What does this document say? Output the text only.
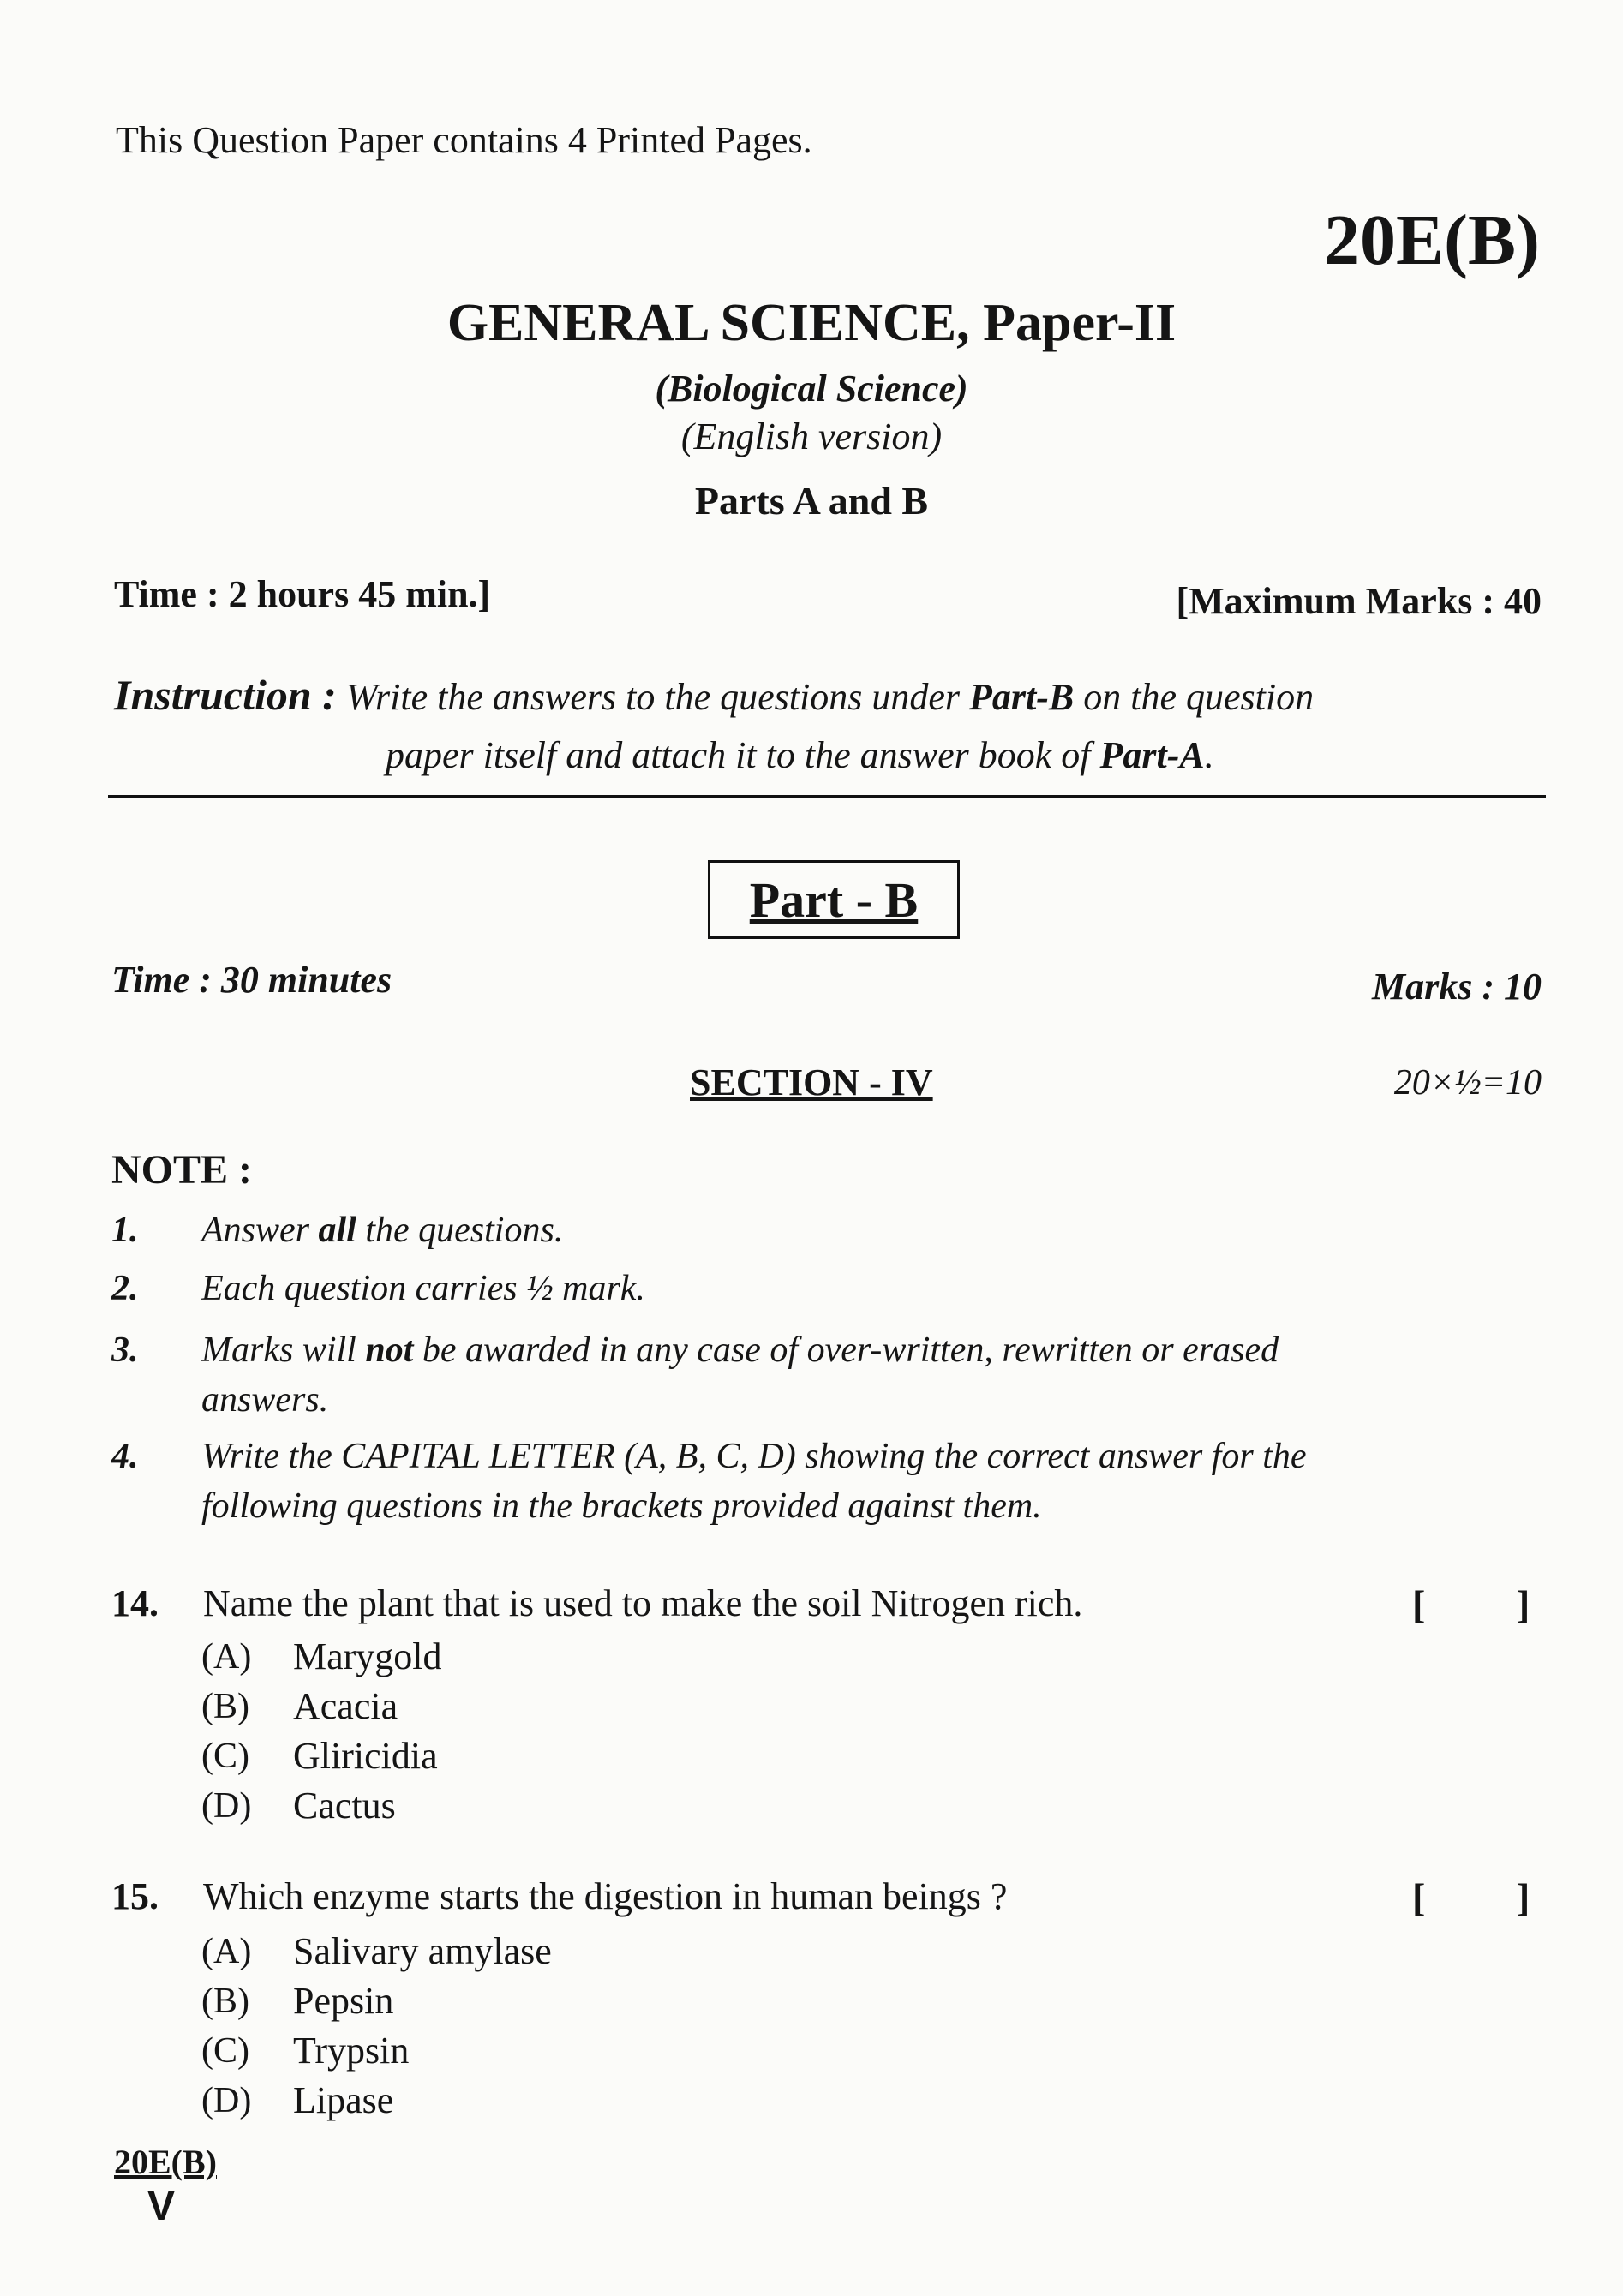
This Question Paper contains 4 Printed Pages.
20E(B)
GENERAL SCIENCE, Paper-II
(Biological Science)
(English version)
Parts A and B
Time : 2 hours 45 min.]	[Maximum Marks : 40
Instruction : Write the answers to the questions under Part-B on the question
paper itself and attach it to the answer book of Part-A.
Part - B
Time : 30 minutes	Marks : 10
SECTION - IV	20×½=10
NOTE :
1. Answer all the questions.
2. Each question carries ½ mark.
3. Marks will not be awarded in any case of over-written, rewritten or erased
answers.
4. Write the CAPITAL LETTER (A, B, C, D) showing the correct answer for the
following questions in the brackets provided against them.
14. Name the plant that is used to make the soil Nitrogen rich.	[ ]
(A) Marygold
(B) Acacia
(C) Gliricidia
(D) Cactus
15. Which enzyme starts the digestion in human beings ?	[ ]
(A) Salivary amylase
(B) Pepsin
(C) Trypsin
(D) Lipase
20E(B)
V
